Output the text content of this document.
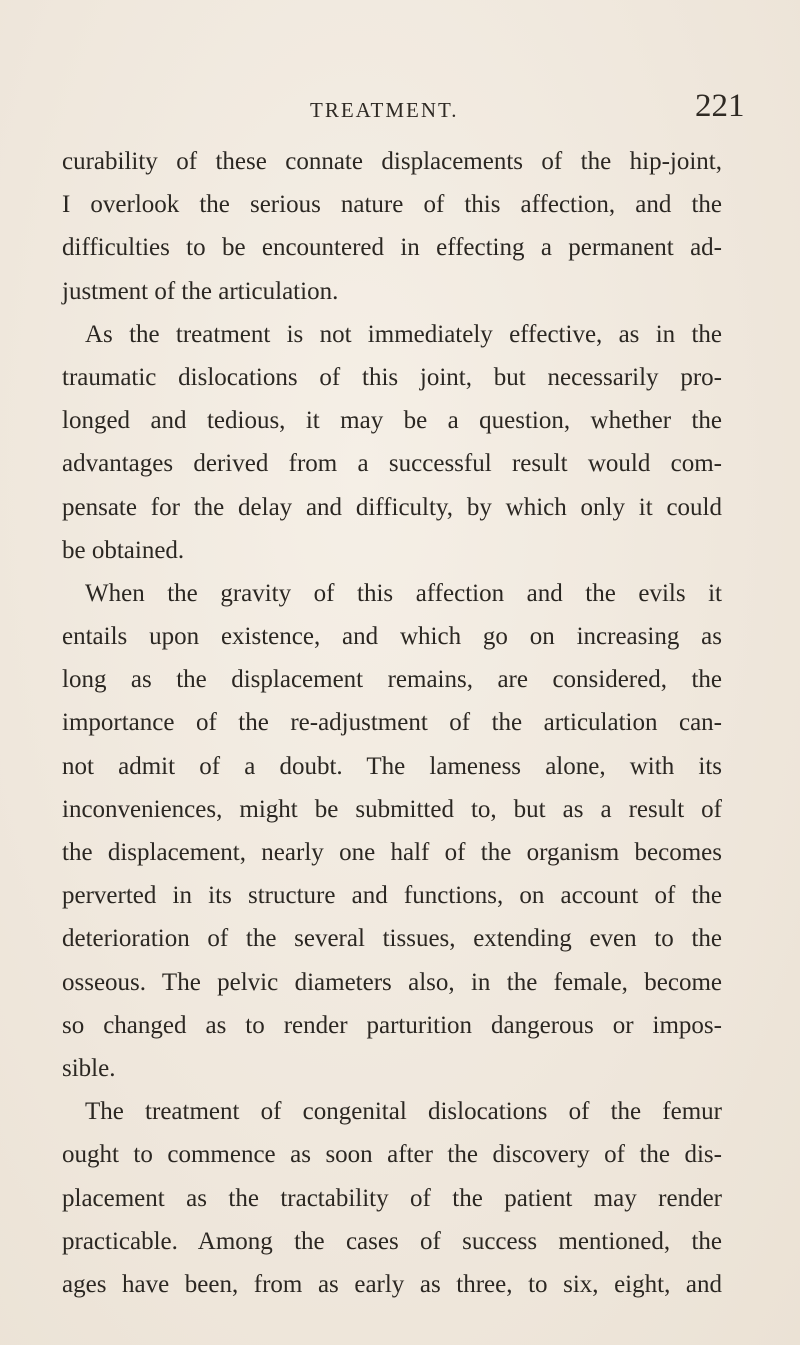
TREATMENT.	221
curability of these connate displacements of the hip-joint,
I overlook the serious nature of this affection, and the
difficulties to be encountered in effecting a permanent ad-
justment of the articulation.
As the treatment is not immediately effective, as in the
traumatic dislocations of this joint, but necessarily pro-
longed and tedious, it may be a question, whether the
advantages derived from a successful result would com-
pensate for the delay and difficulty, by which only it could
be obtained.
When the gravity of this affection and the evils it
entails upon existence, and which go on increasing as
long as the displacement remains, are considered, the
importance of the re-adjustment of the articulation can-
not admit of a doubt. The lameness alone, with its
inconveniences, might be submitted to, but as a result of
the displacement, nearly one half of the organism becomes
perverted in its structure and functions, on account of the
deterioration of the several tissues, extending even to the
osseous. The pelvic diameters also, in the female, become
so changed as to render parturition dangerous or impos-
sible.
The treatment of congenital dislocations of the femur
ought to commence as soon after the discovery of the dis-
placement as the tractability of the patient may render
practicable. Among the cases of success mentioned, the
ages have been, from as early as three, to six, eight, and
